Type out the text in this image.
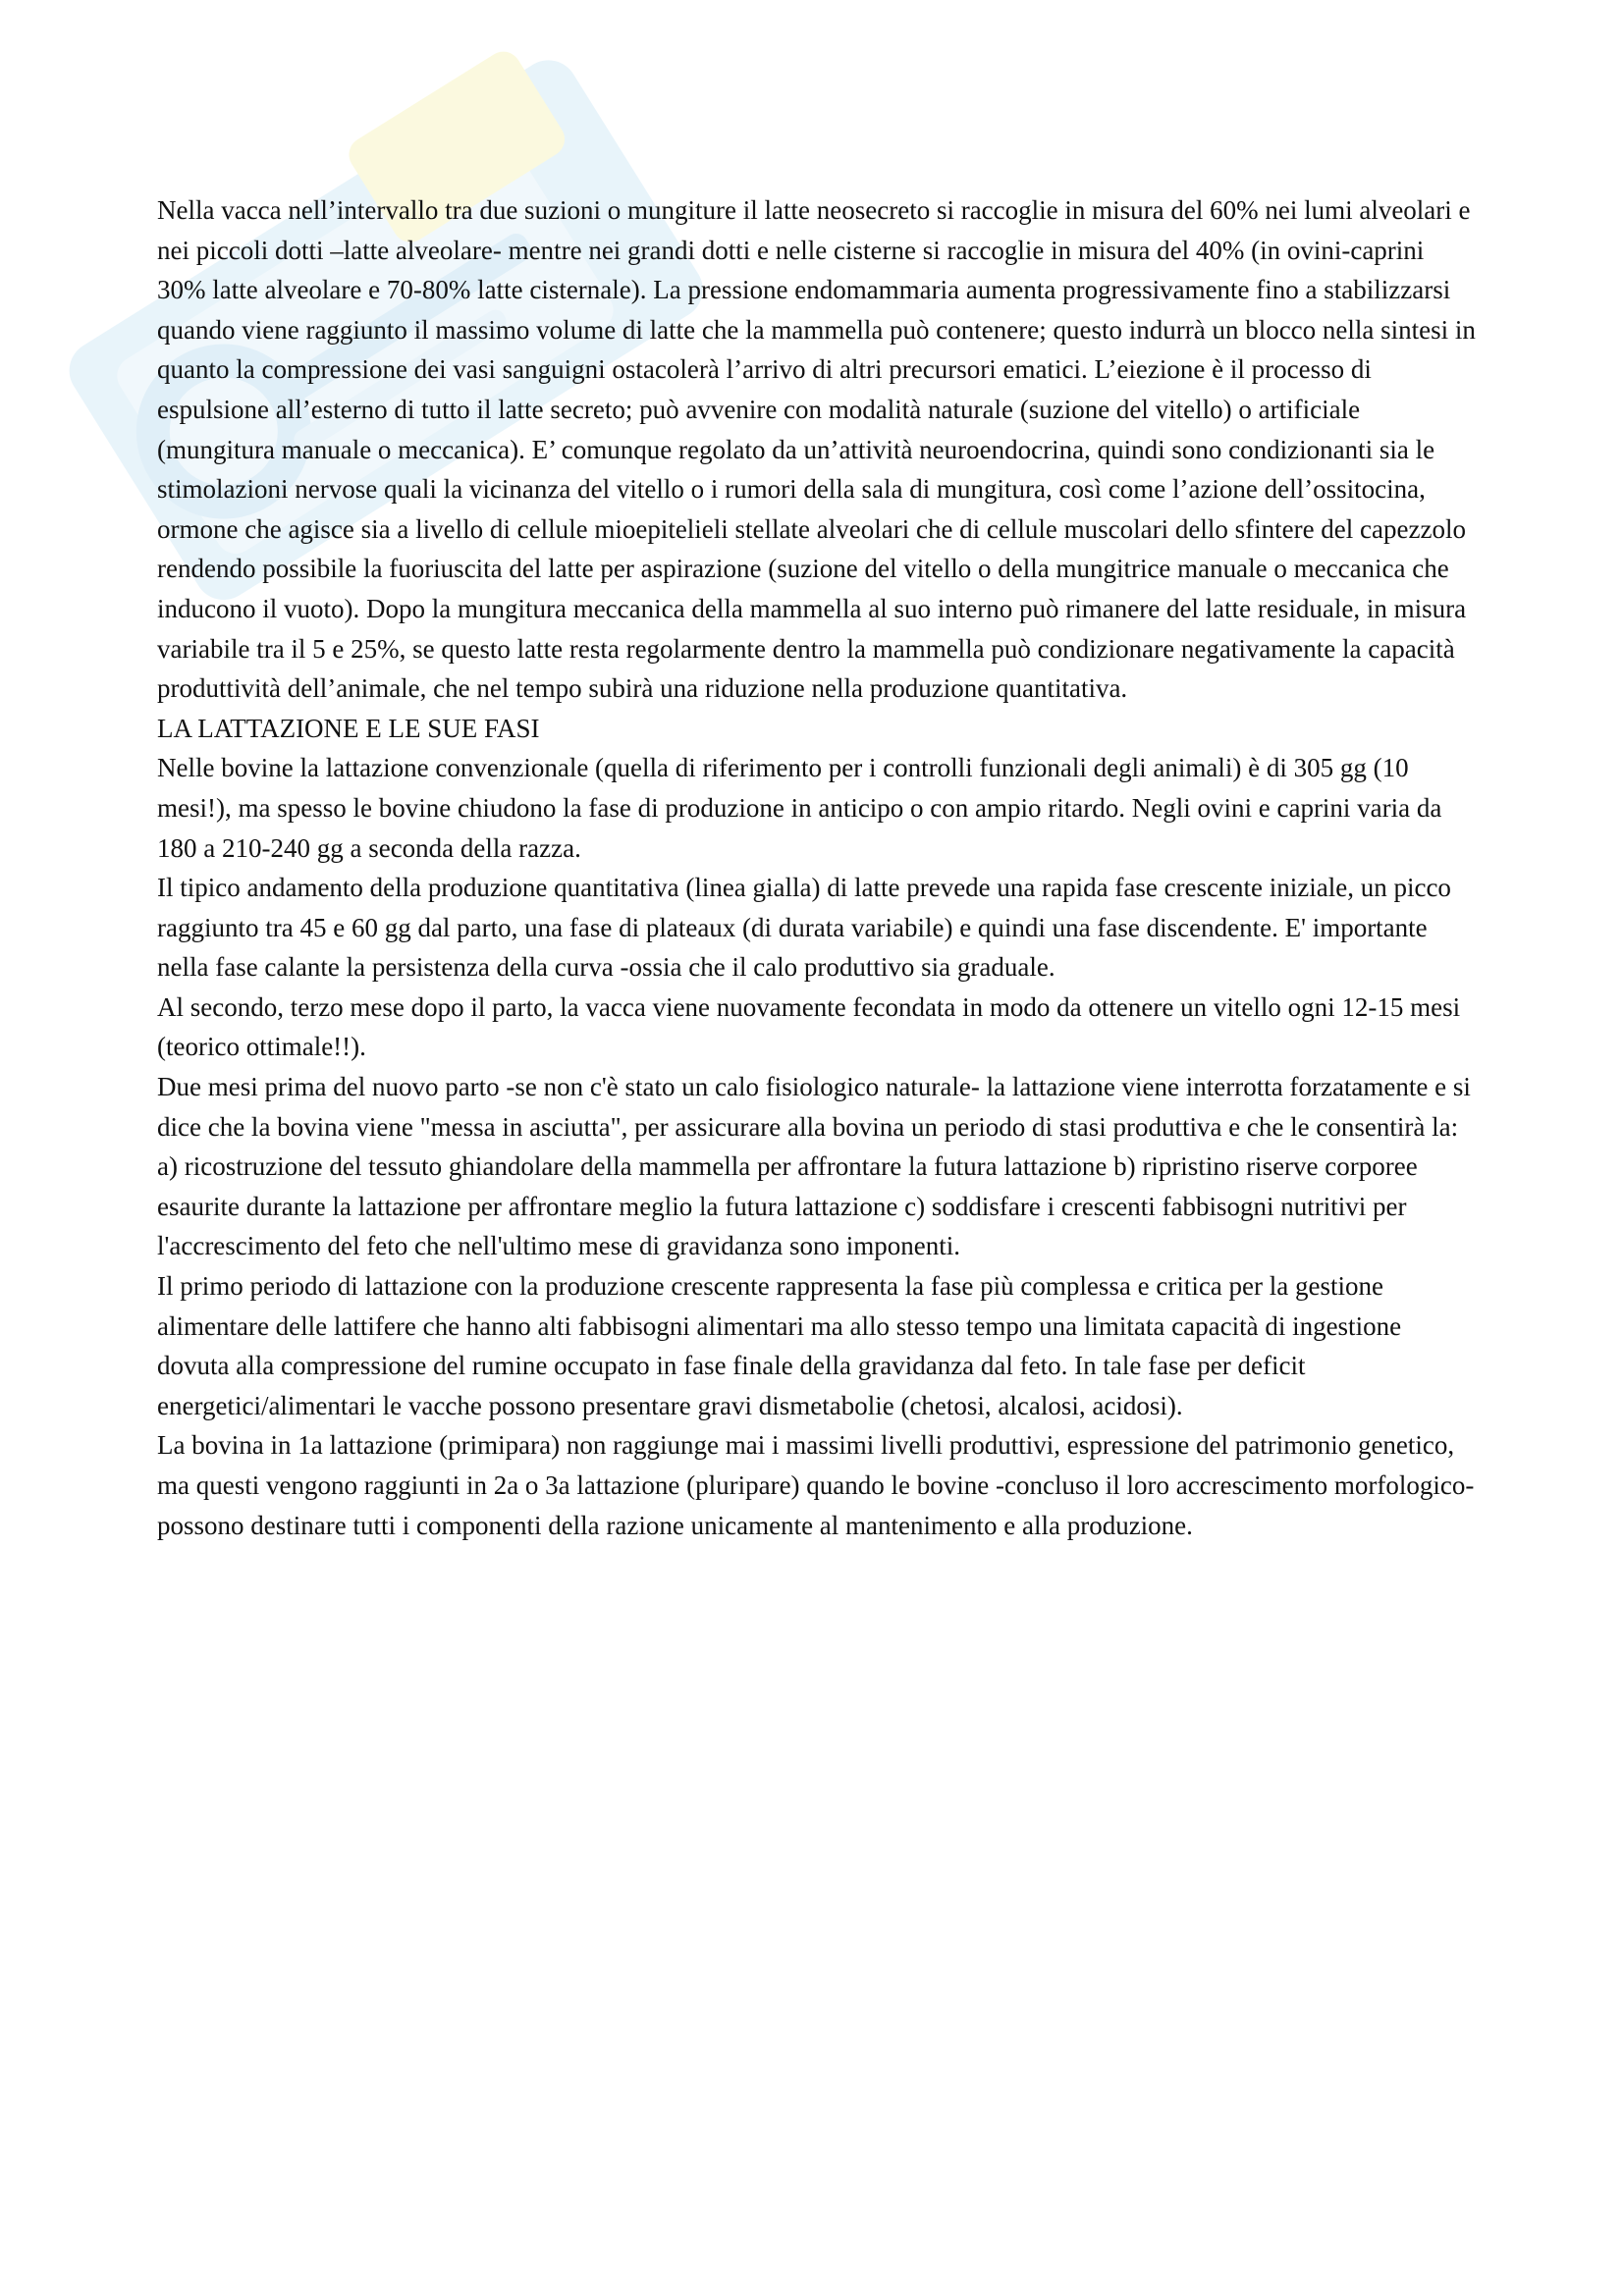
Nella vacca nell’intervallo tra due suzioni o mungiture il latte neosecreto si raccoglie in misura del 60% nei lumi alveolari e nei piccoli dotti –latte alveolare- mentre nei grandi dotti e nelle cisterne si raccoglie in misura del 40% (in ovini-caprini 30% latte alveolare e 70-80% latte cisternale). La pressione endomammaria aumenta progressivamente fino a stabilizzarsi quando viene raggiunto il massimo volume di latte che la mammella può contenere; questo indurrà un blocco nella sintesi in quanto la compressione dei vasi sanguigni ostacolerà l’arrivo di altri precursori ematici. L’eiezione è il processo di espulsione all’esterno di tutto il latte secreto; può avvenire con modalità naturale (suzione del vitello) o artificiale (mungitura manuale o meccanica). E’ comunque regolato da un’attività neuroendocrina, quindi sono condizionanti sia le stimolazioni nervose quali la vicinanza del vitello o i rumori della sala di mungitura, così come l’azione dell’ossitocina, ormone che agisce sia a livello di cellule mioepitelieli stellate alveolari che di cellule muscolari dello sfintere del capezzolo rendendo possibile la fuoriuscita del latte per aspirazione (suzione del vitello o della mungitrice manuale o meccanica che inducono il vuoto). Dopo la mungitura meccanica della mammella al suo interno può rimanere del latte residuale, in misura variabile tra il 5 e 25%, se questo latte resta regolarmente dentro la mammella può condizionare negativamente la capacità produttività dell’animale, che nel tempo subirà una riduzione nella produzione quantitativa.

LA LATTAZIONE E LE SUE FASI

Nelle bovine la lattazione convenzionale (quella di riferimento per i controlli funzionali degli animali) è di 305 gg (10 mesi!), ma spesso le bovine chiudono la fase di produzione in anticipo o con ampio ritardo. Negli ovini e caprini varia da 180 a 210-240 gg a seconda della razza.

Il tipico andamento della produzione quantitativa (linea gialla) di latte prevede una rapida fase crescente iniziale, un picco raggiunto tra 45 e 60 gg dal parto, una fase di plateaux (di durata variabile) e quindi una fase discendente. E' importante nella fase calante la persistenza della curva -ossia che il calo produttivo sia graduale.

Al secondo, terzo mese dopo il parto, la vacca viene nuovamente fecondata in modo da ottenere un vitello ogni 12-15 mesi (teorico ottimale!!).

Due mesi prima del nuovo parto -se non c'è stato un calo fisiologico naturale- la lattazione viene interrotta forzatamente e si dice che la bovina viene "messa in asciutta", per assicurare alla bovina un periodo di stasi produttiva e che le consentirà la: a) ricostruzione del tessuto ghiandolare della mammella per affrontare la futura lattazione b) ripristino riserve corporee esaurite durante la lattazione per affrontare meglio la futura lattazione c) soddisfare i crescenti fabbisogni nutritivi per l'accrescimento del feto che nell'ultimo mese di gravidanza sono imponenti.

Il primo periodo di lattazione con la produzione crescente rappresenta la fase più complessa e critica per la gestione alimentare delle lattifere che hanno alti fabbisogni alimentari ma allo stesso tempo una limitata capacità di ingestione dovuta alla compressione del rumine occupato in fase finale della gravidanza dal feto. In tale fase per deficit energetici/alimentari le vacche possono presentare gravi dismetabolie (chetosi, alcalosi, acidosi).

La bovina in 1a lattazione (primipara) non raggiunge mai i massimi livelli produttivi, espressione del patrimonio genetico, ma questi vengono raggiunti in 2a o 3a lattazione (pluripare) quando le bovine -concluso il loro accrescimento morfologico- possono destinare tutti i componenti della razione unicamente al mantenimento e alla produzione.
